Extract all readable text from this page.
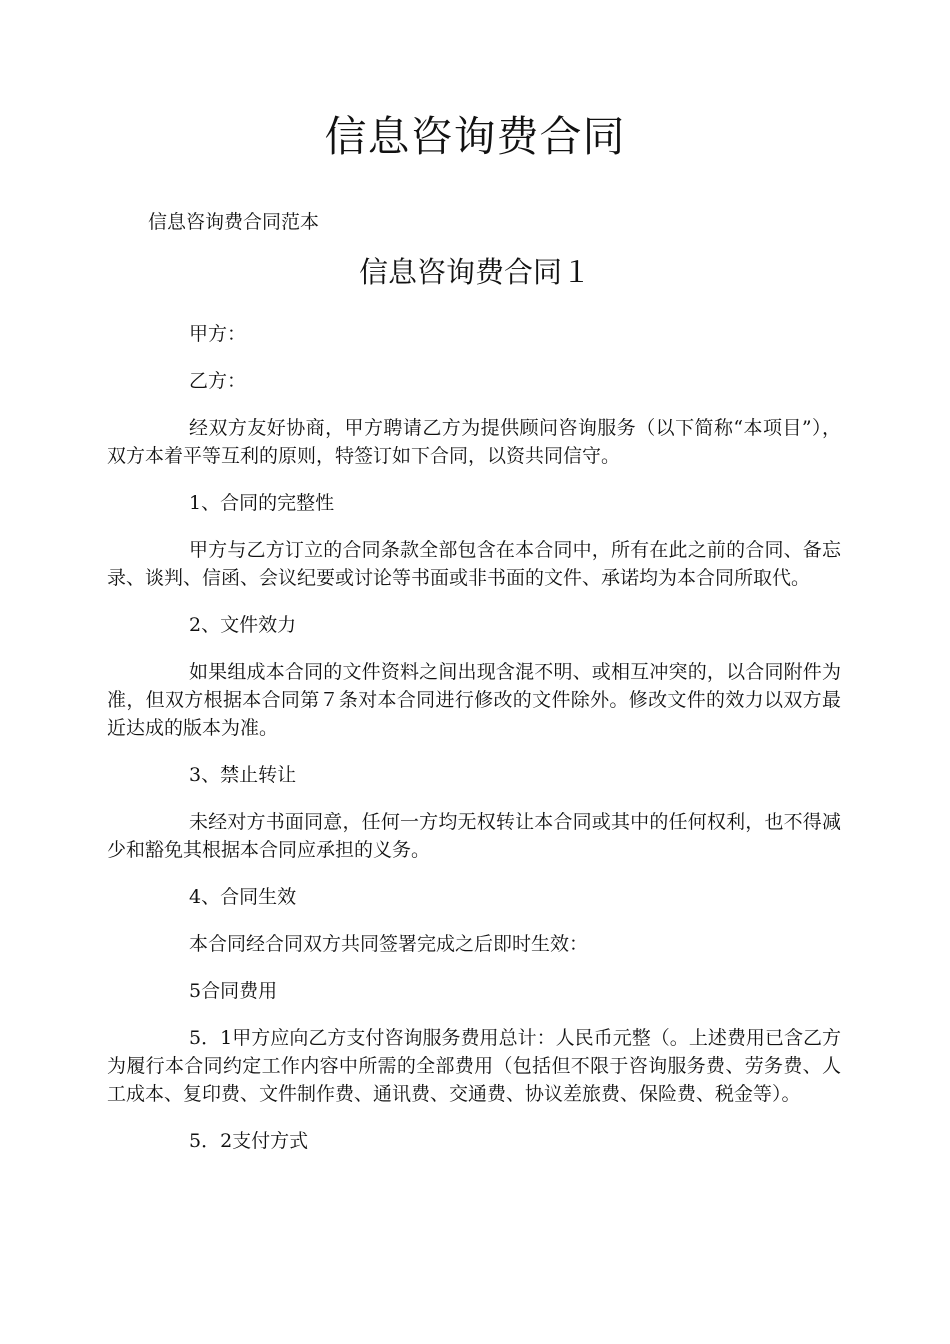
信息咨询费合同
信息咨询费合同范本
信息咨询费合同１

甲方：

乙方：

经双方友好协商，甲方聘请乙方为提供顾问咨询服务（以下简称“本项目”），双方本着平等互利的原则，特签订如下合同，以资共同信守。

1、合同的完整性

甲方与乙方订立的合同条款全部包含在本合同中，所有在此之前的合同、备忘录、谈判、信函、会议纪要或讨论等书面或非书面的文件、承诺均为本合同所取代。

2、文件效力

如果组成本合同的文件资料之间出现含混不明、或相互冲突的，以合同附件为准，但双方根据本合同第７条对本合同进行修改的文件除外。修改文件的效力以双方最近达成的版本为准。

3、禁止转让

未经对方书面同意，任何一方均无权转让本合同或其中的任何权利，也不得减少和豁免其根据本合同应承担的义务。

4、合同生效

本合同经合同双方共同签署完成之后即时生效：

5合同费用

5．1甲方应向乙方支付咨询服务费用总计：人民币元整（。上述费用已含乙方为履行本合同约定工作内容中所需的全部费用（包括但不限于咨询服务费、劳务费、人工成本、复印费、文件制作费、通讯费、交通费、协议差旅费、保险费、税金等）。

5．2支付方式
